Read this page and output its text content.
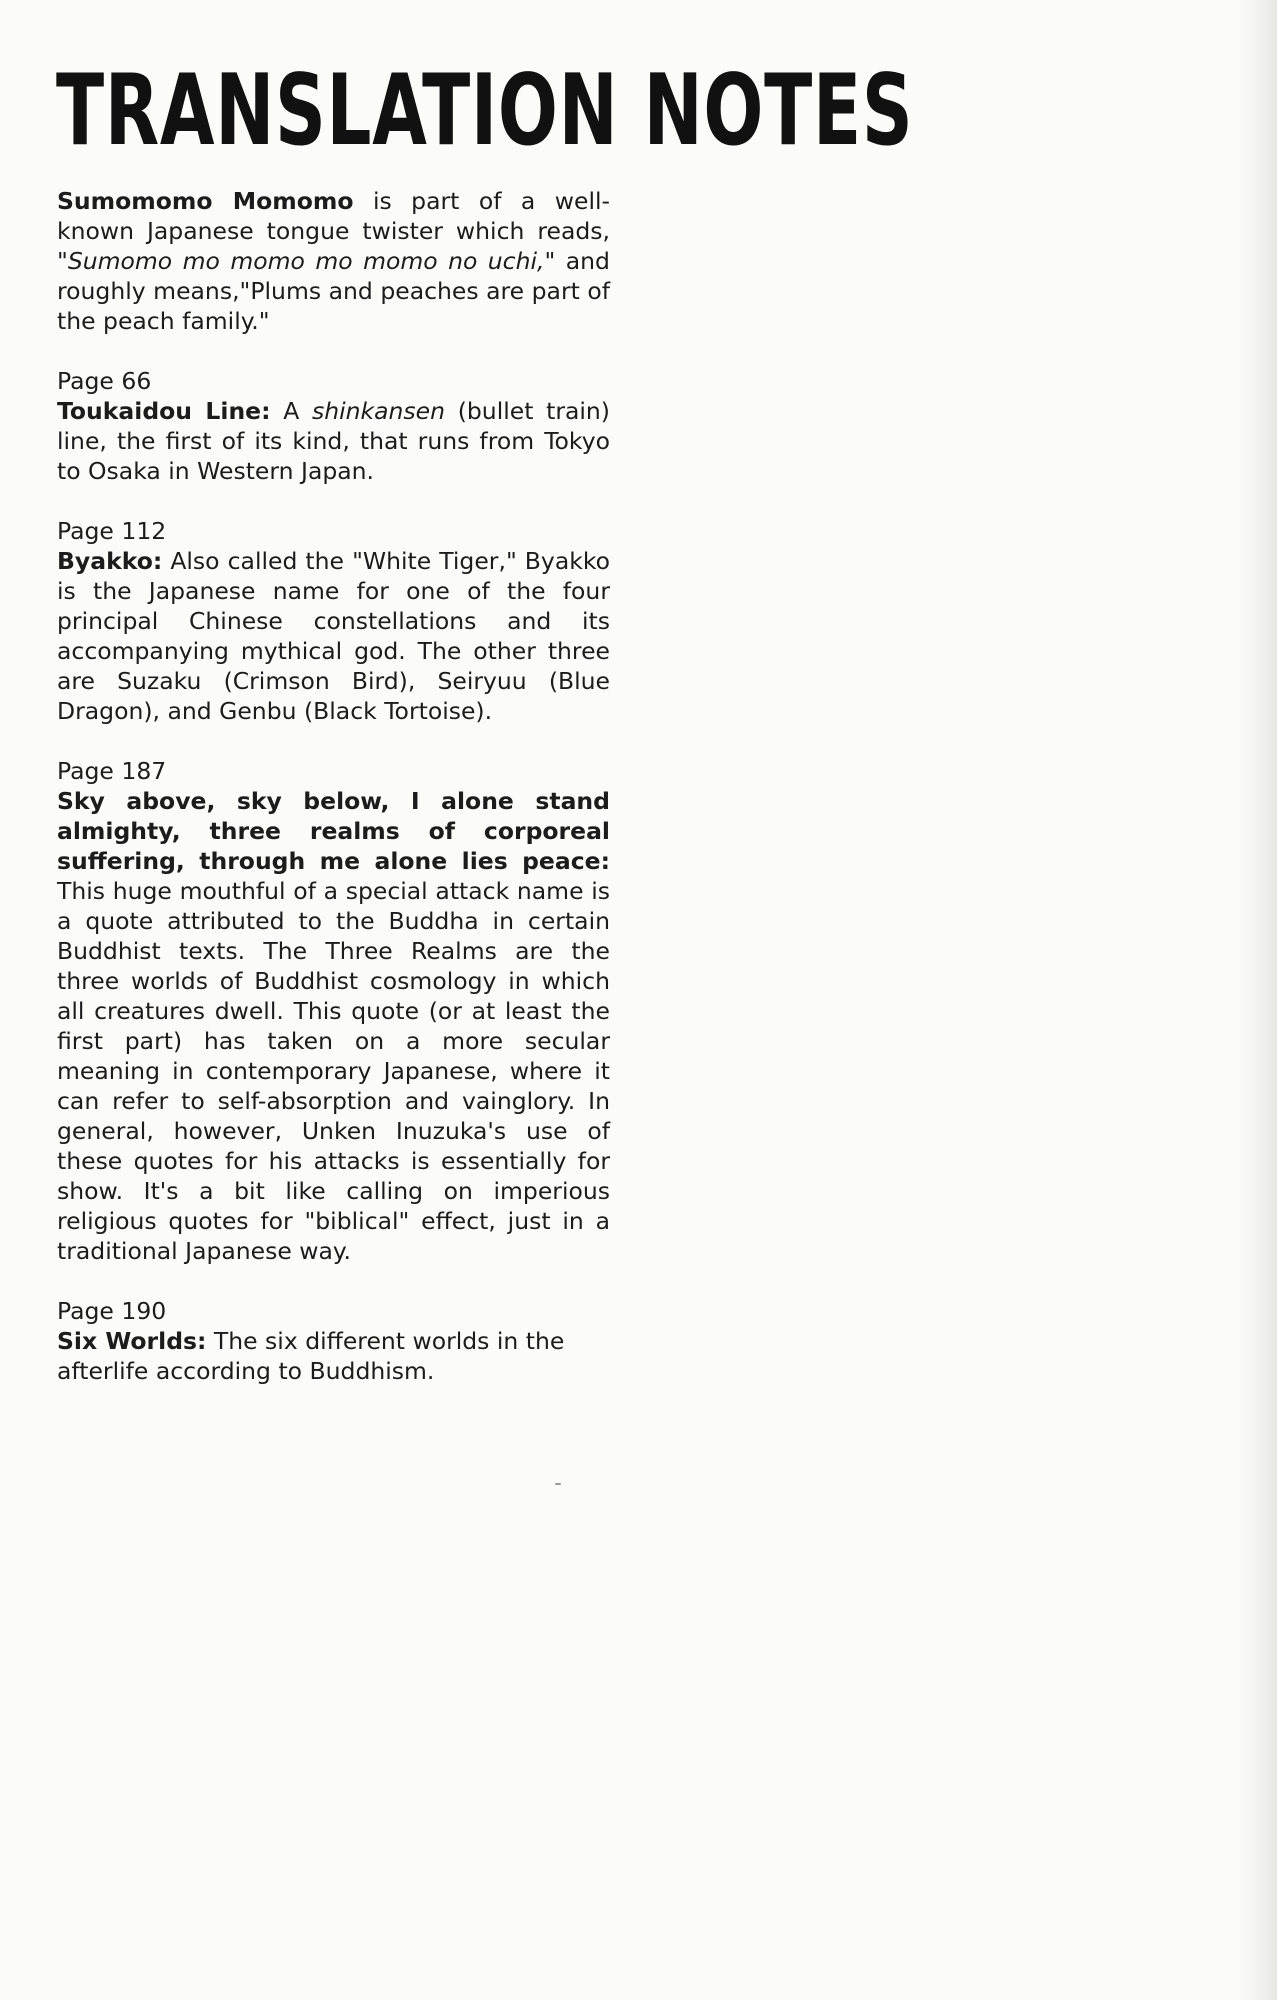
TRANSLATION NOTES

Sumomomo Momomo is part of a well-known Japanese tongue twister which reads, "Sumomo mo momo mo momo no uchi," and roughly means,"Plums and peaches are part of the peach family."

Page 66
Toukaidou Line: A shinkansen (bullet train) line, the first of its kind, that runs from Tokyo to Osaka in Western Japan.

Page 112
Byakko: Also called the "White Tiger," Byakko is the Japanese name for one of the four principal Chinese constellations and its accompanying mythical god. The other three are Suzaku (Crimson Bird), Seiryuu (Blue Dragon), and Genbu (Black Tortoise).

Page 187
Sky above, sky below, I alone stand almighty, three realms of corporeal suffering, through me alone lies peace: This huge mouthful of a special attack name is a quote attributed to the Buddha in certain Buddhist texts. The Three Realms are the three worlds of Buddhist cosmology in which all creatures dwell. This quote (or at least the first part) has taken on a more secular meaning in contemporary Japanese, where it can refer to self-absorption and vainglory. In general, however, Unken Inuzuka's use of these quotes for his attacks is essentially for show. It's a bit like calling on imperious religious quotes for "biblical" effect, just in a traditional Japanese way.

Page 190
Six Worlds: The six different worlds in the afterlife according to Buddhism.
